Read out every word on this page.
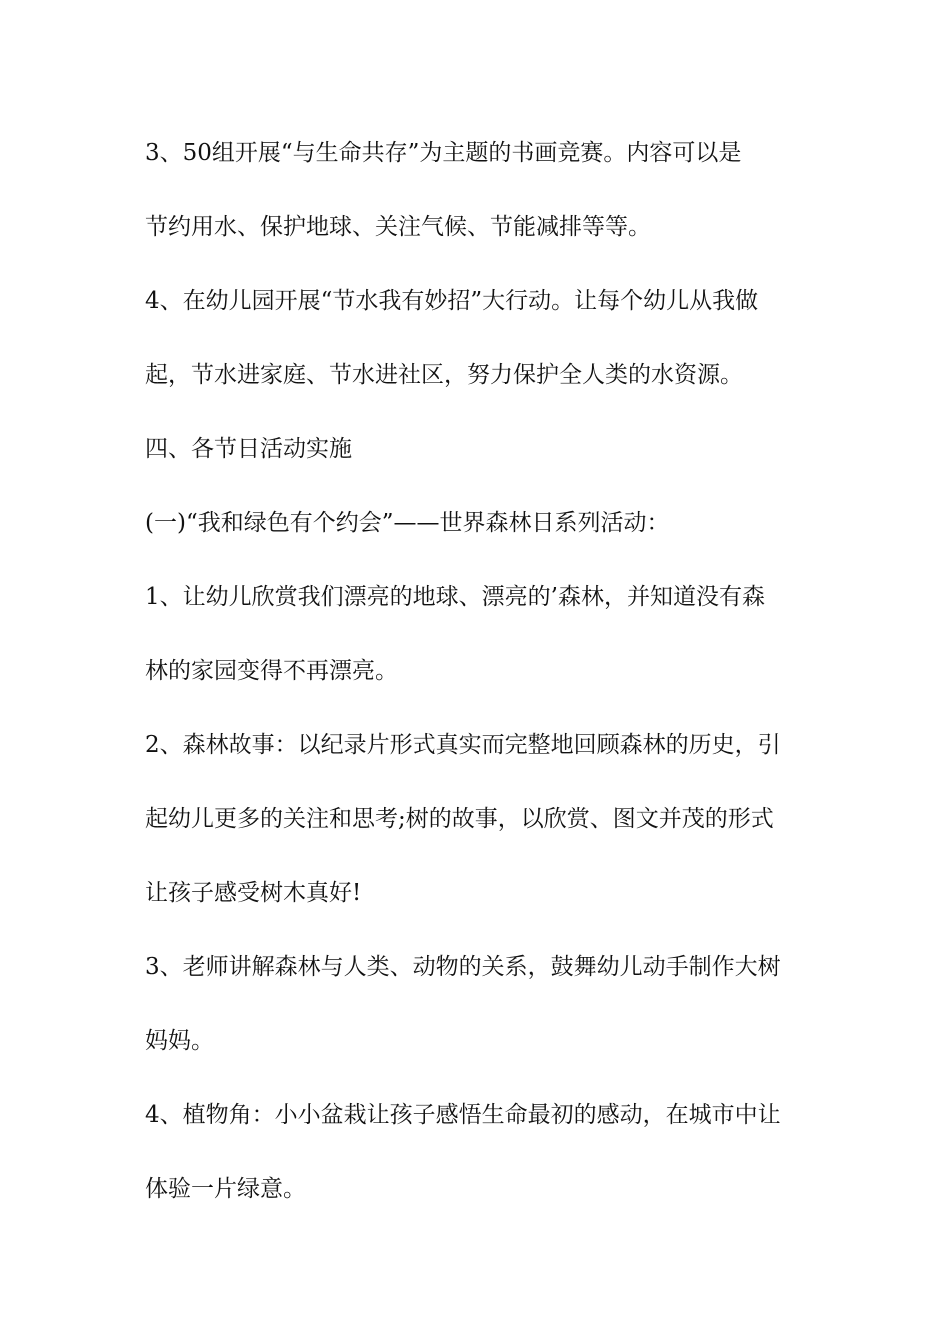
3、50组开展“与生命共存”为主题的书画竞赛。内容可以是
节约用水、保护地球、关注气候、节能减排等等。
4、在幼儿园开展“节水我有妙招”大行动。让每个幼儿从我做
起，节水进家庭、节水进社区，努力保护全人类的水资源。
四、各节日活动实施
(一)“我和绿色有个约会”——世界森林日系列活动：
1、让幼儿欣赏我们漂亮的地球、漂亮的’森林，并知道没有森
林的家园变得不再漂亮。
2、森林故事：以纪录片形式真实而完整地回顾森林的历史，引
起幼儿更多的关注和思考;树的故事，以欣赏、图文并茂的形式
让孩子感受树木真好!
3、老师讲解森林与人类、动物的关系，鼓舞幼儿动手制作大树
妈妈。
4、植物角：小小盆栽让孩子感悟生命最初的感动，在城市中让
体验一片绿意。
